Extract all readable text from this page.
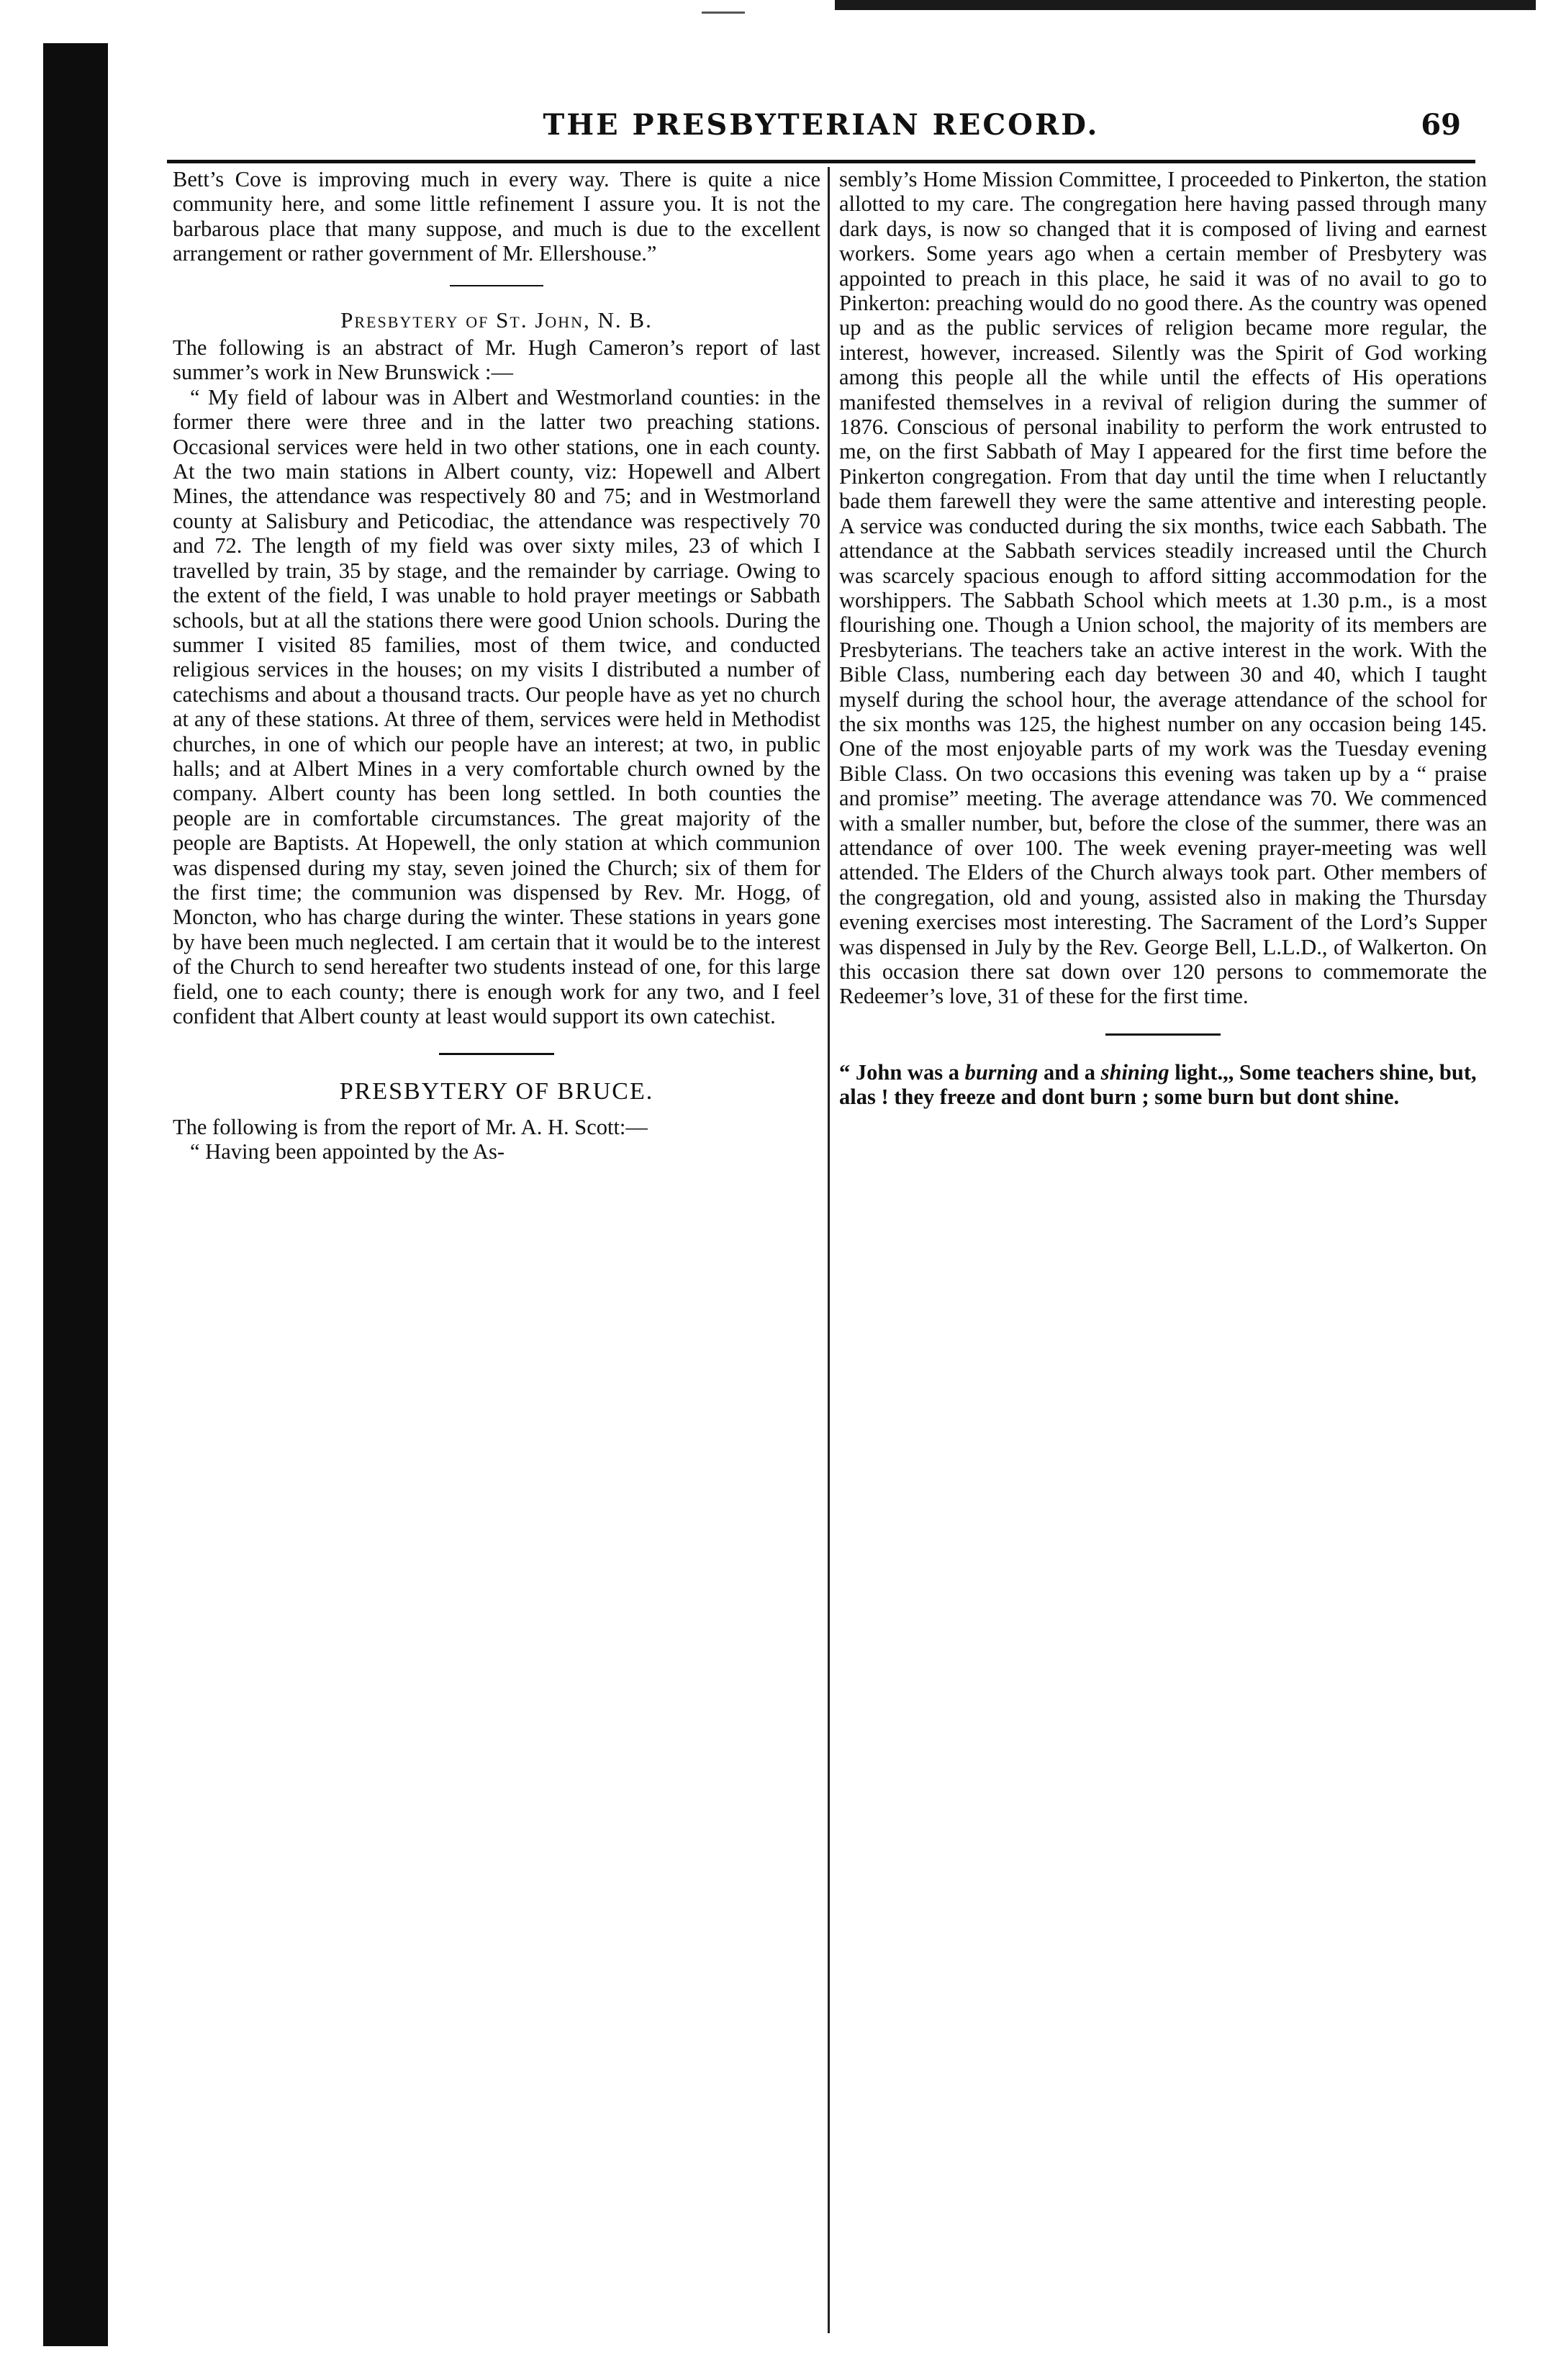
THE PRESBYTERIAN RECORD.	69

Bett’s Cove is improving much in every way. There is quite a nice community here, and some little refinement I assure you. It is not the barbarous place that many suppose, and much is due to the excellent arrangement or rather government of Mr. Ellershouse.”

Presbytery of St. John, N. B.

The following is an abstract of Mr. Hugh Cameron’s report of last summer’s work in New Brunswick :—

“ My field of labour was in Albert and Westmorland counties: in the former there were three and in the latter two preaching stations. Occasional services were held in two other stations, one in each county. At the two main stations in Albert county, viz: Hopewell and Albert Mines, the attendance was respectively 80 and 75; and in Westmorland county at Salisbury and Peticodiac, the attendance was respectively 70 and 72. The length of my field was over sixty miles, 23 of which I travelled by train, 35 by stage, and the remainder by carriage. Owing to the extent of the field, I was unable to hold prayer meetings or Sabbath schools, but at all the stations there were good Union schools. During the summer I visited 85 families, most of them twice, and conducted religious services in the houses; on my visits I distributed a number of catechisms and about a thousand tracts. Our people have as yet no church at any of these stations. At three of them, services were held in Methodist churches, in one of which our people have an interest; at two, in public halls; and at Albert Mines in a very comfortable church owned by the company. Albert county has been long settled. In both counties the people are in comfortable circumstances. The great majority of the people are Baptists. At Hopewell, the only station at which communion was dispensed during my stay, seven joined the Church; six of them for the first time; the communion was dispensed by Rev. Mr. Hogg, of Moncton, who has charge during the winter. These stations in years gone by have been much neglected. I am certain that it would be to the interest of the Church to send hereafter two students instead of one, for this large field, one to each county; there is enough work for any two, and I feel confident that Albert county at least would support its own catechist.

PRESBYTERY OF BRUCE.

The following is from the report of Mr. A. H. Scott:—

“ Having been appointed by the As-

sembly’s Home Mission Committee, I proceeded to Pinkerton, the station allotted to my care. The congregation here having passed through many dark days, is now so changed that it is composed of living and earnest workers. Some years ago when a certain member of Presbytery was appointed to preach in this place, he said it was of no avail to go to Pinkerton: preaching would do no good there. As the country was opened up and as the public services of religion became more regular, the interest, however, increased. Silently was the Spirit of God working among this people all the while until the effects of His operations manifested themselves in a revival of religion during the summer of 1876. Conscious of personal inability to perform the work entrusted to me, on the first Sabbath of May I appeared for the first time before the Pinkerton congregation. From that day until the time when I reluctantly bade them farewell they were the same attentive and interesting people. A service was conducted during the six months, twice each Sabbath. The attendance at the Sabbath services steadily increased until the Church was scarcely spacious enough to afford sitting accommodation for the worshippers. The Sabbath School which meets at 1.30 p.m., is a most flourishing one. Though a Union school, the majority of its members are Presbyterians. The teachers take an active interest in the work. With the Bible Class, numbering each day between 30 and 40, which I taught myself during the school hour, the average attendance of the school for the six months was 125, the highest number on any occasion being 145. One of the most enjoyable parts of my work was the Tuesday evening Bible Class. On two occasions this evening was taken up by a “ praise and promise” meeting. The average attendance was 70. We commenced with a smaller number, but, before the close of the summer, there was an attendance of over 100. The week evening prayer-meeting was well attended. The Elders of the Church always took part. Other members of the congregation, old and young, assisted also in making the Thursday evening exercises most interesting. The Sacrament of the Lord’s Supper was dispensed in July by the Rev. George Bell, L.L.D., of Walkerton. On this occasion there sat down over 120 persons to commemorate the Redeemer’s love, 31 of these for the first time.

“ John was a burning and a shining light.,, Some teachers shine, but, alas ! they freeze and dont burn ; some burn but dont shine.
